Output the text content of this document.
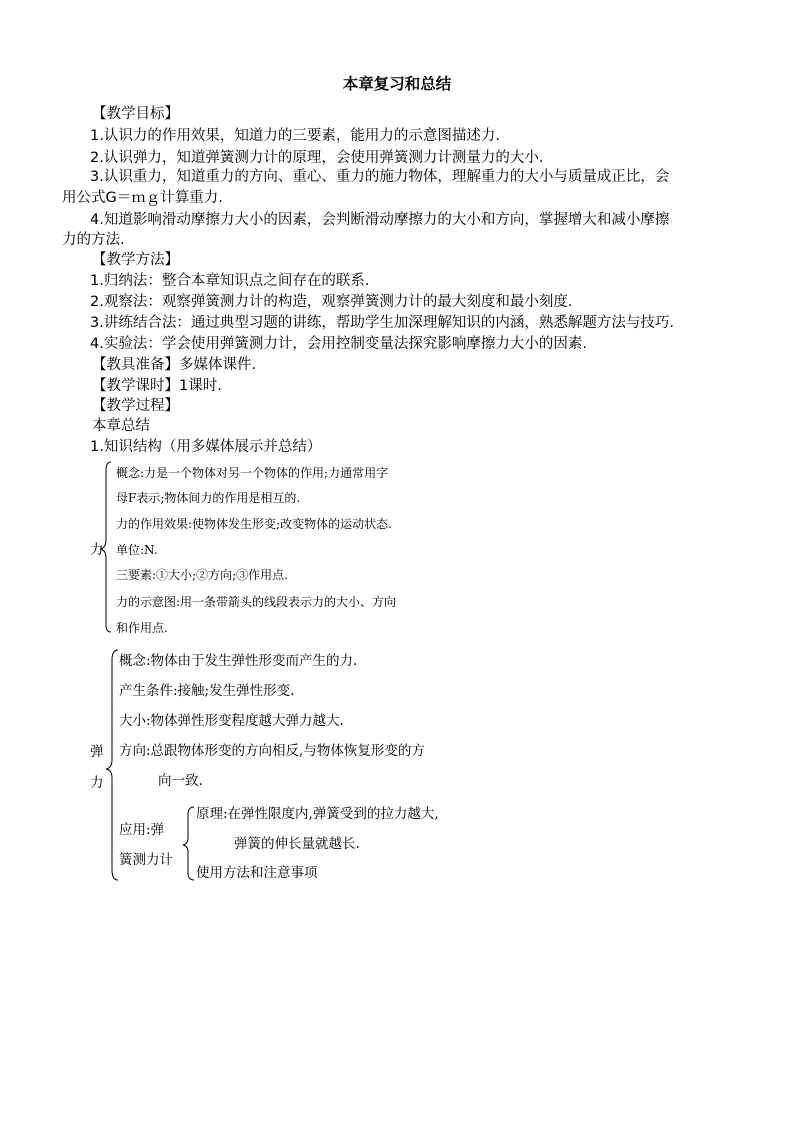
本章复习和总结
【教学目标】
1.认识力的作用效果，知道力的三要素，能用力的示意图描述力.
2.认识弹力，知道弹簧测力计的原理，会使用弹簧测力计测量力的大小.
3.认识重力，知道重力的方向、重心、重力的施力物体，理解重力的大小与质量成正比，会
用公式G＝ｍｇ计算重力.
4.知道影响滑动摩擦力大小的因素，会判断滑动摩擦力的大小和方向，掌握增大和减小摩擦
力的方法.
【教学方法】
1.归纳法：整合本章知识点之间存在的联系.
2.观察法：观察弹簧测力计的构造，观察弹簧测力计的最大刻度和最小刻度.
3.讲练结合法：通过典型习题的讲练，帮助学生加深理解知识的内涵，熟悉解题方法与技巧.
4.实验法：学会使用弹簧测力计，会用控制变量法探究影响摩擦力大小的因素.
【教具准备】多媒体课件.
【教学课时】1课时.
【教学过程】
本章总结
1.知识结构（用多媒体展示并总结）
力
概念:力是一个物体对另一个物体的作用;力通常用字
母F表示;物体间力的作用是相互的.
力的作用效果:使物体发生形变;改变物体的运动状态.
单位:N.
三要素:①大小;②方向;③作用点.
力的示意图:用一条带箭头的线段表示力的大小、方向
和作用点.
弹
力
概念:物体由于发生弹性形变而产生的力.
产生条件:接触;发生弹性形变.
大小:物体弹性形变程度越大弹力越大.
方向:总跟物体形变的方向相反,与物体恢复形变的方
向一致.
应用:弹
簧测力计
原理:在弹性限度内,弹簧受到的拉力越大,
弹簧的伸长量就越长.
使用方法和注意事项
